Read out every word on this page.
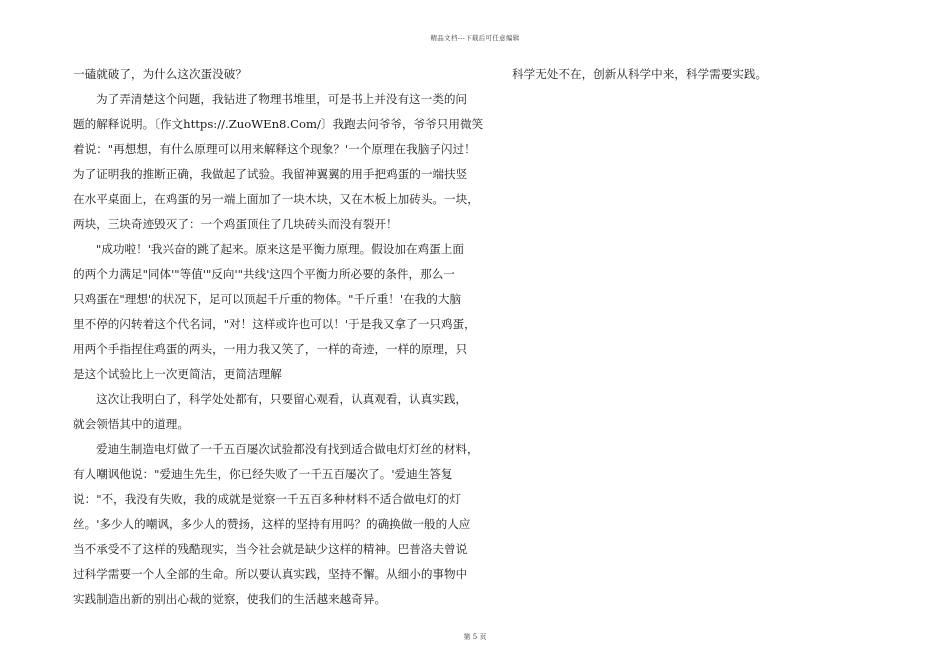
精品文档---下载后可任意编辑
一磕就破了，为什么这次蛋没破？
为了弄清楚这个问题，我钻进了物理书堆里，可是书上并没有这一类的问
题的解释说明。〔作文https://.ZuoWEn8.Com/〕我跑去问爷爷，爷爷只用微笑
着说："再想想，有什么原理可以用来解释这个现象？'一个原理在我脑子闪过！
为了证明我的推断正确，我做起了试验。我留神翼翼的用手把鸡蛋的一端扶竖
在水平桌面上，在鸡蛋的另一端上面加了一块木块，又在木板上加砖头。一块，
两块，三块奇迹毁灭了：一个鸡蛋顶住了几块砖头而没有裂开！
"成功啦！'我兴奋的跳了起来。原来这是平衡力原理。假设加在鸡蛋上面
的两个力满足"同体'"等值'"反向'"共线'这四个平衡力所必要的条件，那么一
只鸡蛋在"理想'的状况下，足可以顶起千斤重的物体。"千斤重！'在我的大脑
里不停的闪转着这个代名词，"对！这样或许也可以！'于是我又拿了一只鸡蛋，
用两个手指捏住鸡蛋的两头，一用力我又笑了，一样的奇迹，一样的原理，只
是这个试验比上一次更简洁，更简洁理解
这次让我明白了，科学处处都有，只要留心观看，认真观看，认真实践，
就会领悟其中的道理。
爱迪生制造电灯做了一千五百屡次试验都没有找到适合做电灯灯丝的材料，
有人嘲讽他说："爱迪生先生，你已经失败了一千五百屡次了。'爱迪生答复
说："不，我没有失败，我的成就是觉察一千五百多种材料不适合做电灯的灯
丝。'多少人的嘲讽，多少人的赞扬，这样的坚持有用吗？的确换做一般的人应
当不承受不了这样的残酷现实，当今社会就是缺少这样的精神。巴普洛夫曾说
过科学需要一个人全部的生命。所以要认真实践，坚持不懈。从细小的事物中
实践制造出新的别出心裁的觉察，使我们的生活越来越奇异。
科学无处不在，创新从科学中来，科学需要实践。
第 5 页
